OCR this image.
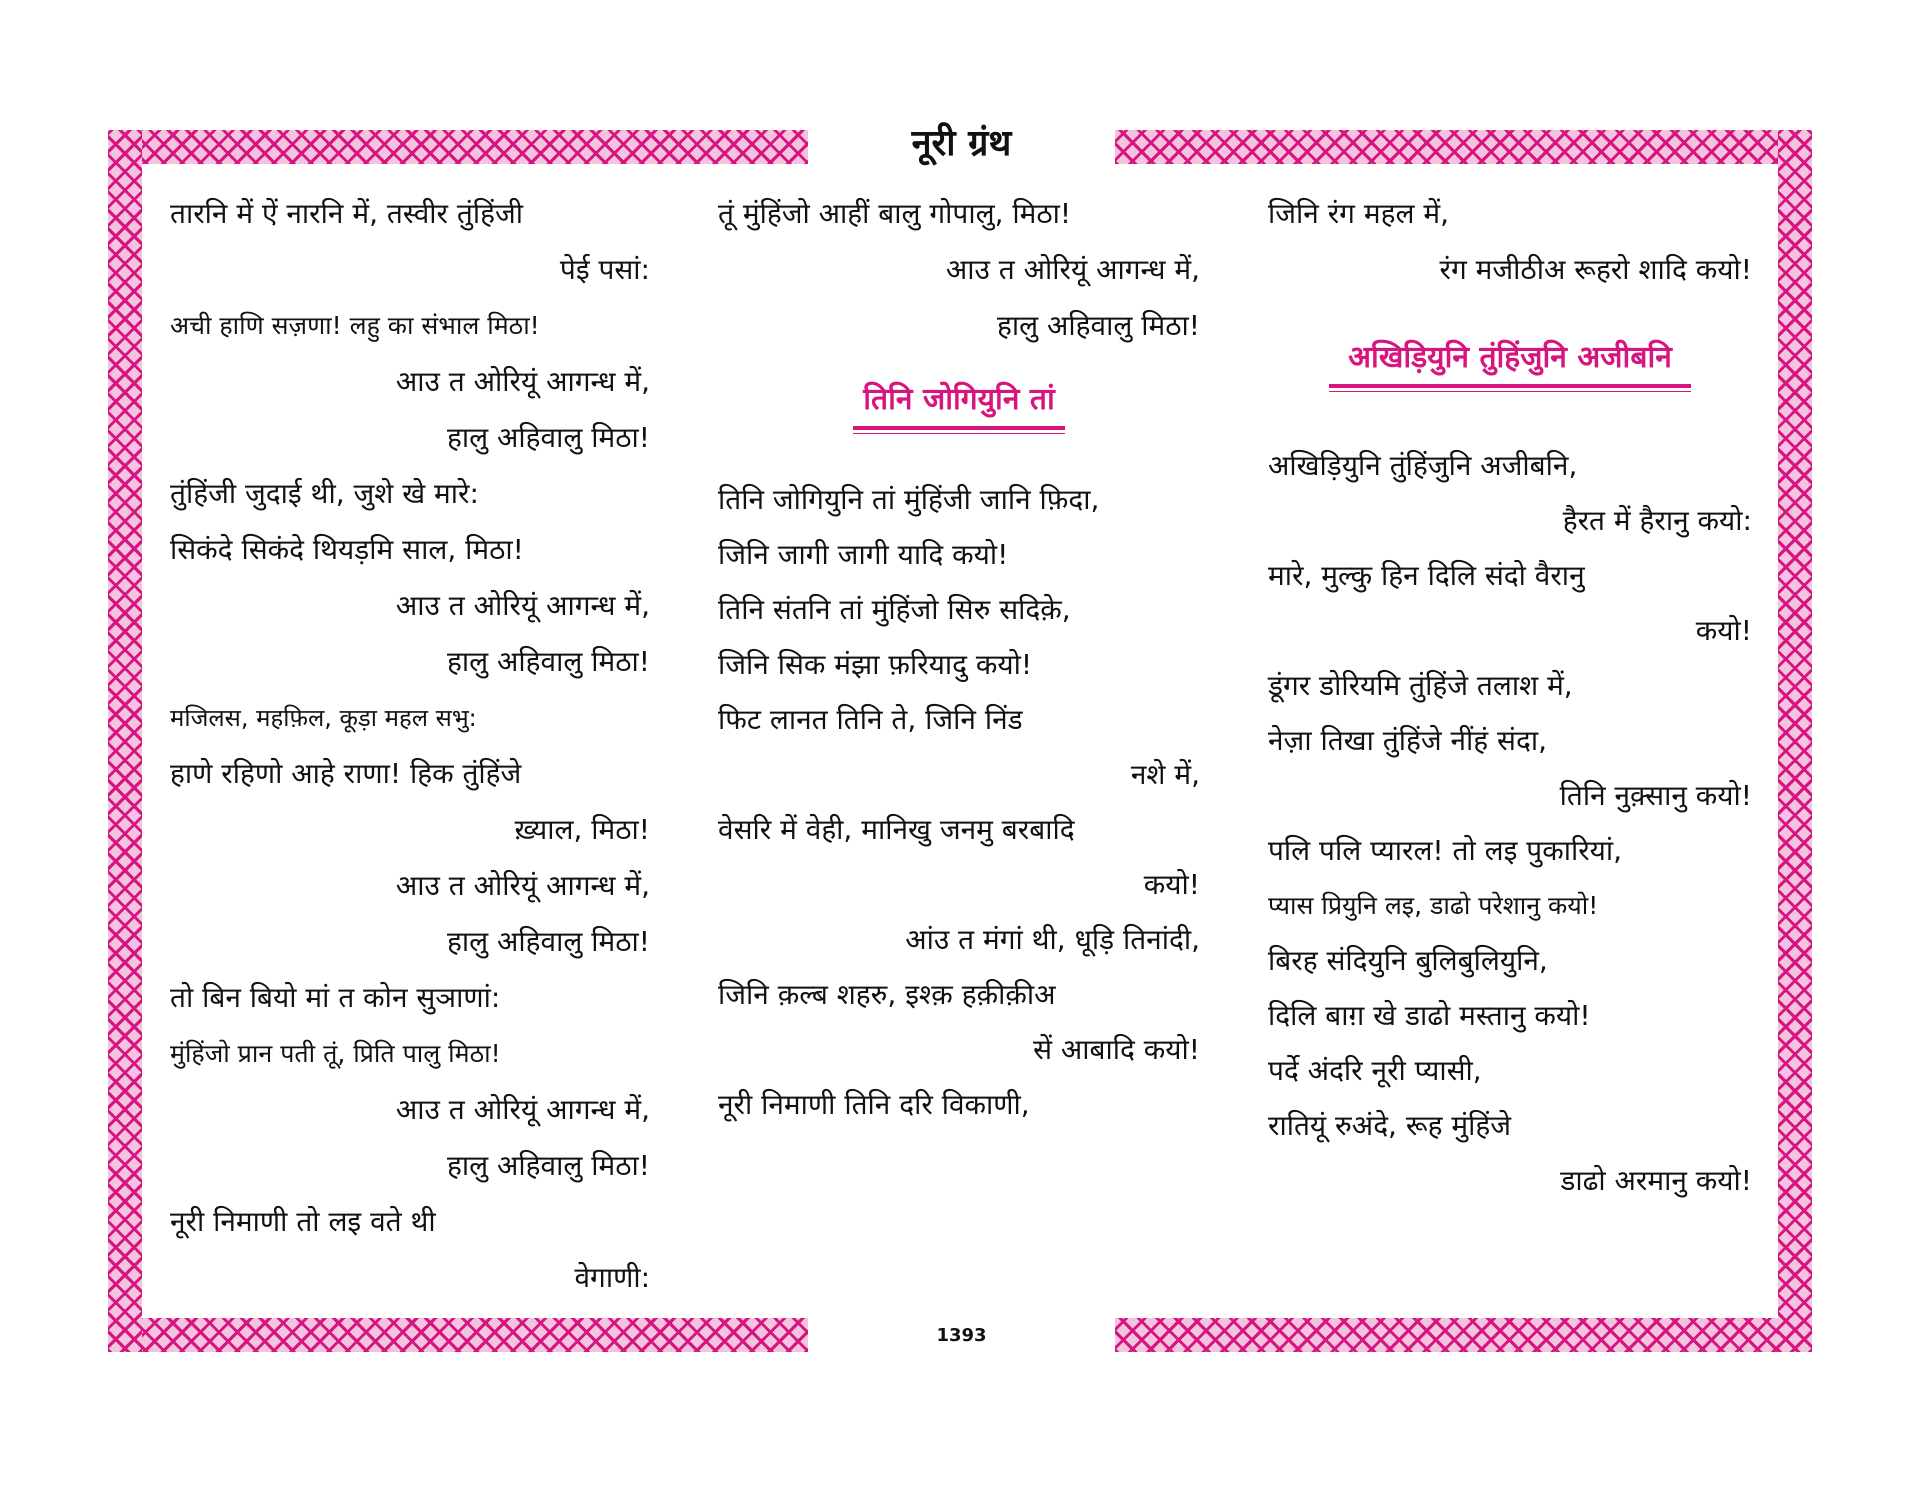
नूरी ग्रंथ
तारनि में ऐं नारनि में, तस्वीर तुंहिंजी
पेई पसां:
अची हाणि सज़णा! लहु का संभाल मिठा!
आउ त ओरियूं आगन्ध में,
हालु अहिवालु मिठा!
तुंहिंजी जुदाई थी, जुशे खे मारे:
सिकंदे सिकंदे थियड़मि साल, मिठा!
आउ त ओरियूं आगन्ध में,
हालु अहिवालु मिठा!
मजिलस, महफ़िल, कूड़ा महल सभु:
हाणे रहिणो आहे राणा! हिक तुंहिंजे
ख़्याल, मिठा!
आउ त ओरियूं आगन्ध में,
हालु अहिवालु मिठा!
तो बिन बियो मां त कोन सुञाणां:
मुंहिंजो प्रान पती तूं, प्रिति पालु मिठा!
आउ त ओरियूं आगन्ध में,
हालु अहिवालु मिठा!
नूरी निमाणी तो लइ वते थी
वेगाणी:
तूं मुंहिंजो आहीं बालु गोपालु, मिठा!
आउ त ओरियूं आगन्ध में,
हालु अहिवालु मिठा!
तिनि जोगियुनि तां
तिनि जोगियुनि तां मुंहिंजी जानि फ़िदा,
जिनि जागी जागी यादि कयो!
तिनि संतनि तां मुंहिंजो सिरु सदिक़े,
जिनि सिक मंझा फ़रियादु कयो!
फिट लानत तिनि ते, जिनि निंड
नशे में,
वेसरि में वेही, मानिखु जनमु बरबादि
कयो!
आंउ त मंगां थी, धूड़ि तिनांदी,
जिनि क़ल्ब शहरु, इश्क़ हक़ीक़ीअ
सें आबादि कयो!
नूरी निमाणी तिनि दरि विकाणी,
जिनि रंग महल में,
रंग मजीठीअ रूहरो शादि कयो!
अखिड़ियुनि तुंहिंजुनि अजीबनि
अखिड़ियुनि तुंहिंजुनि अजीबनि,
हैरत में हैरानु कयो:
मारे, मुल्कु हिन दिलि संदो वैरानु
कयो!
डूंगर डोरियमि तुंहिंजे तलाश में,
नेज़ा तिखा तुंहिंजे नींहं संदा,
तिनि नुक़्सानु कयो!
पलि पलि प्यारल! तो लइ पुकारियां,
प्यास प्रियुनि लइ, डाढो परेशानु कयो!
बिरह संदियुनि बुलिबुलियुनि,
दिलि बाग़ खे डाढो मस्तानु कयो!
पर्दे अंदरि नूरी प्यासी,
रातियूं रुअंदे, रूह मुंहिंजे
डाढो अरमानु कयो!
1393
